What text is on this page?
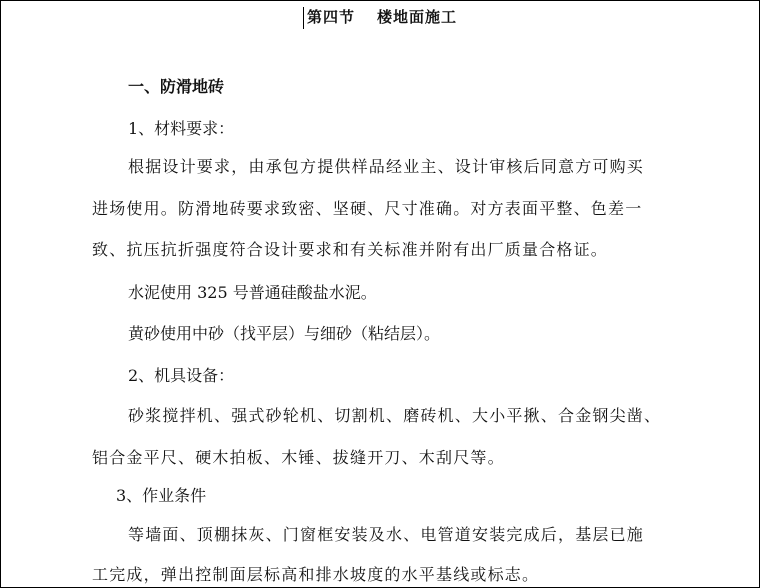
第四节 楼地面施工
一、防滑地砖
1、材料要求：
根据设计要求，由承包方提供样品经业主、设计审核后同意方可购买
进场使用。防滑地砖要求致密、坚硬、尺寸准确。对方表面平整、色差一
致、抗压抗折强度符合设计要求和有关标准并附有出厂质量合格证。
水泥使用 325 号普通硅酸盐水泥。
黄砂使用中砂（找平层）与细砂（粘结层）。
2、机具设备：
砂浆搅拌机、强式砂轮机、切割机、磨砖机、大小平揪、合金钢尖凿、
铝合金平尺、硬木拍板、木锤、拔缝开刀、木刮尺等。
3、作业条件
等墙面、顶棚抹灰、门窗框安装及水、电管道安装完成后，基层已施
工完成，弹出控制面层标高和排水坡度的水平基线或标志。
